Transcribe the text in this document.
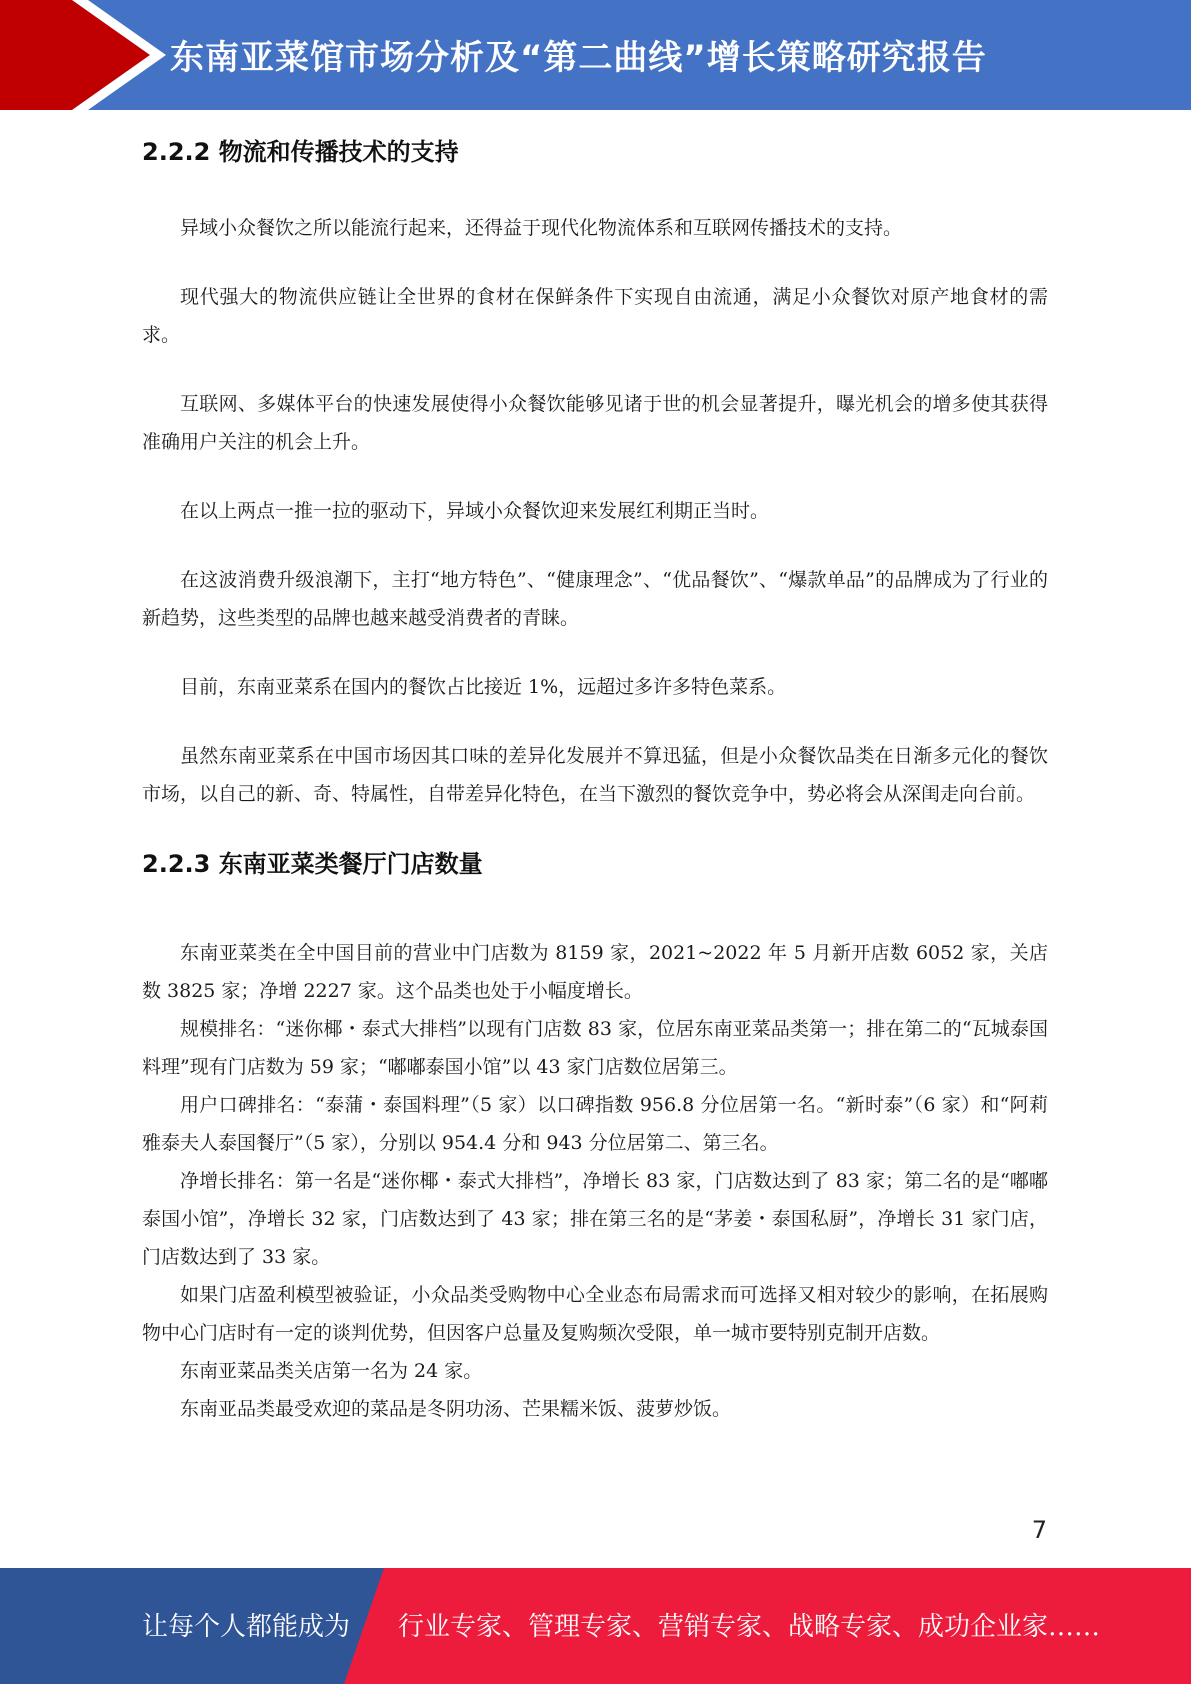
东南亚菜馆市场分析及“第二曲线”增长策略研究报告
2.2.2 物流和传播技术的支持

异域小众餐饮之所以能流行起来，还得益于现代化物流体系和互联网传播技术的支持。

现代强大的物流供应链让全世界的食材在保鲜条件下实现自由流通，满足小众餐饮对原产地食材的需求。

互联网、多媒体平台的快速发展使得小众餐饮能够见诸于世的机会显著提升，曝光机会的增多使其获得准确用户关注的机会上升。

在以上两点一推一拉的驱动下，异域小众餐饮迎来发展红利期正当时。

在这波消费升级浪潮下，主打“地方特色”、“健康理念”、“优品餐饮”、“爆款单品”的品牌成为了行业的新趋势，这些类型的品牌也越来越受消费者的青睐。

目前，东南亚菜系在国内的餐饮占比接近 1%，远超过多许多特色菜系。

虽然东南亚菜系在中国市场因其口味的差异化发展并不算迅猛，但是小众餐饮品类在日渐多元化的餐饮市场，以自己的新、奇、特属性，自带差异化特色，在当下激烈的餐饮竞争中，势必将会从深闺走向台前。

2.2.3 东南亚菜类餐厅门店数量

东南亚菜类在全中国目前的营业中门店数为 8159 家，2021~2022 年 5 月新开店数 6052 家，关店数 3825 家；净增 2227 家。这个品类也处于小幅度增长。

规模排名：“迷你椰・泰式大排档”以现有门店数 83 家，位居东南亚菜品类第一；排在第二的“瓦城泰国料理”现有门店数为 59 家；“嘟嘟泰国小馆”以 43 家门店数位居第三。

用户口碑排名：“泰蒲・泰国料理”（5 家）以口碑指数 956.8 分位居第一名。“新时泰”（6 家）和“阿莉雅泰夫人泰国餐厅”（5 家），分别以 954.4 分和 943 分位居第二、第三名。

净增长排名：第一名是“迷你椰・泰式大排档”，净增长 83 家，门店数达到了 83 家；第二名的是“嘟嘟泰国小馆”，净增长 32 家，门店数达到了 43 家；排在第三名的是“茅姜・泰国私厨”，净增长 31 家门店，门店数达到了 33 家。

如果门店盈利模型被验证，小众品类受购物中心全业态布局需求而可选择又相对较少的影响，在拓展购物中心门店时有一定的谈判优势，但因客户总量及复购频次受限，单一城市要特别克制开店数。

东南亚菜品类关店第一名为 24 家。

东南亚品类最受欢迎的菜品是冬阴功汤、芒果糯米饭、菠萝炒饭。

7
让每个人都能成为 行业专家、管理专家、营销专家、战略专家、成功企业家……
